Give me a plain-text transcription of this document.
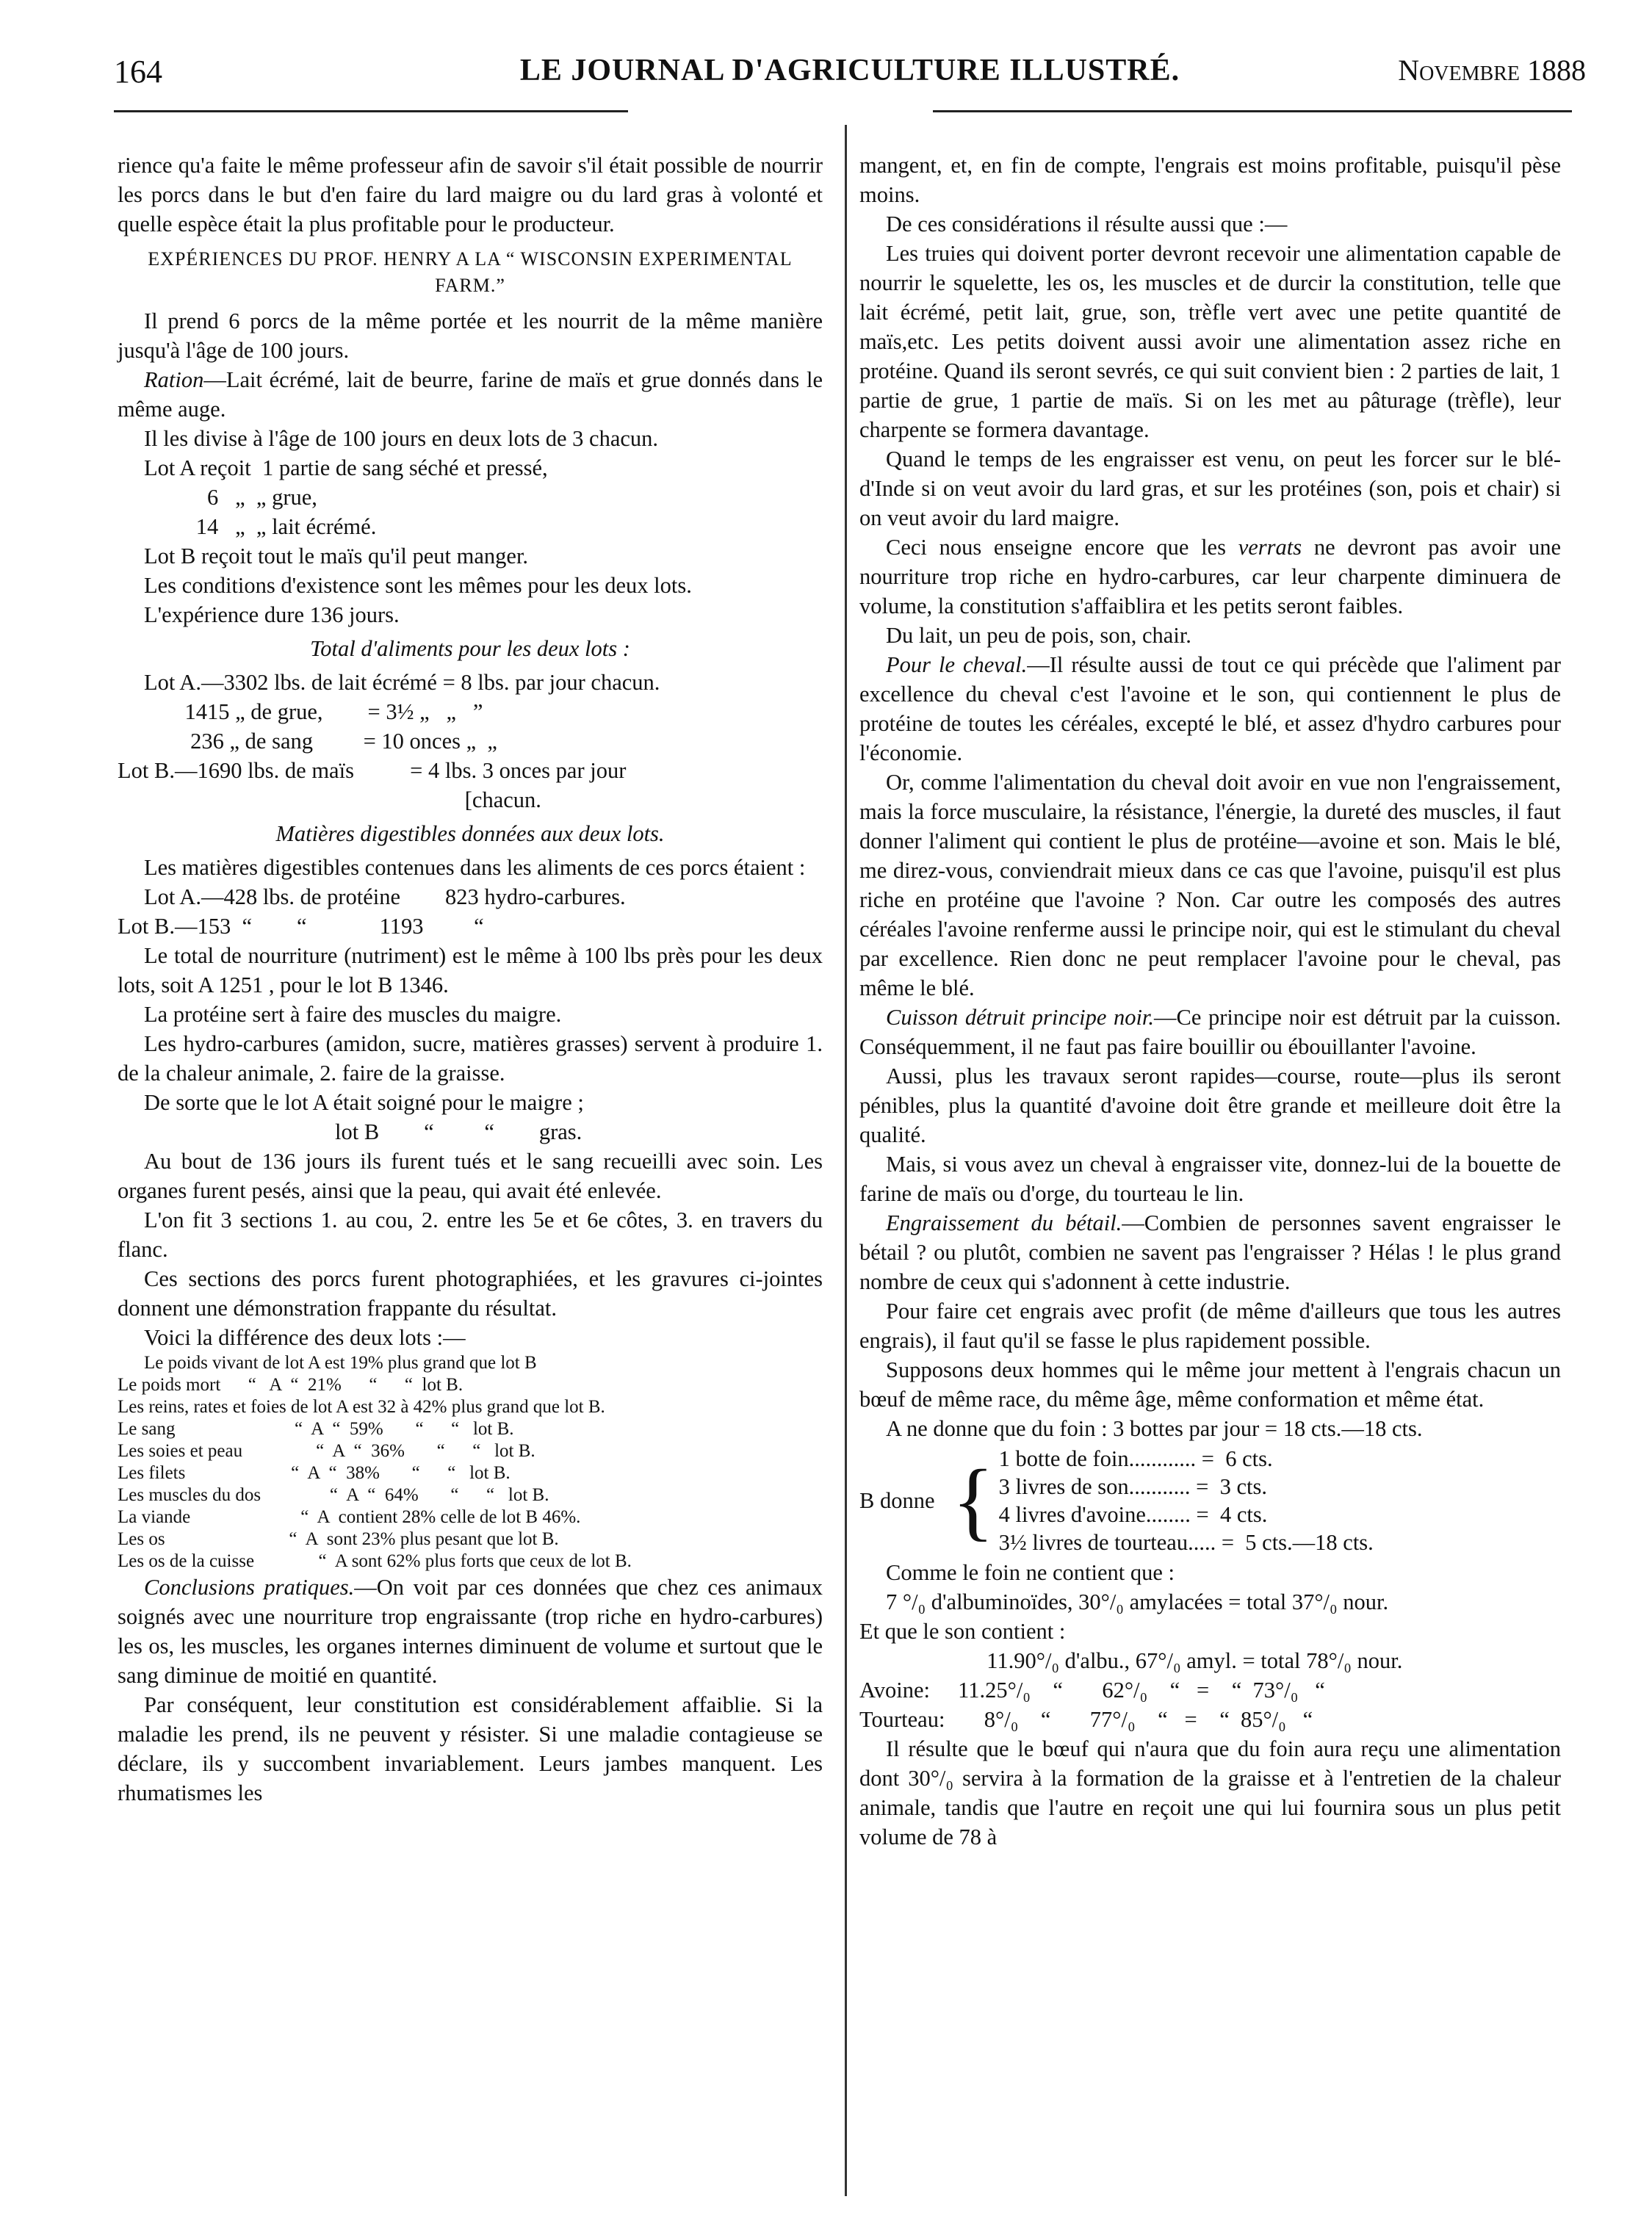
164	LE JOURNAL D'AGRICULTURE ILLUSTRÉ.	Novembre 1888

rience qu'a faite le même professeur afin de savoir s'il était possible de nourrir les porcs dans le but d'en faire du lard maigre ou du lard gras à volonté et quelle espèce était la plus profitable pour le producteur.

EXPÉRIENCES DU PROF. HENRY A LA “ WISCONSIN EXPERIMENTAL FARM.”

Il prend 6 porcs de la même portée et les nourrit de la même manière jusqu'à l'âge de 100 jours.

Ration—Lait écrémé, lait de beurre, farine de maïs et grue donnés dans le même auge.

Il les divise à l'âge de 100 jours en deux lots de 3 chacun.

Lot A reçoit  1 partie de sang séché et pressé,
6   „  „ grue,
14   „  „ lait écrémé.

Lot B reçoit tout le maïs qu'il peut manger.

Les conditions d'existence sont les mêmes pour les deux lots.

L'expérience dure 136 jours.

Total d'aliments pour les deux lots :

Lot A.—3302 lbs. de lait écrémé = 8 lbs. par jour chacun.
1415 „ de grue,        = 3½ „   „   ”
236 „ de sang         = 10 onces „  „
Lot B.—1690 lbs. de maïs          = 4 lbs. 3 onces par jour
[chacun.

Matières digestibles données aux deux lots.

Les matières digestibles contenues dans les aliments de ces porcs étaient :

Lot A.—428 lbs. de protéine        823 hydro-carbures.
Lot B.—153  “        “             1193         “

Le total de nourriture (nutriment) est le même à 100 lbs près pour les deux lots, soit A 1251 , pour le lot B 1346.

La protéine sert à faire des muscles du maigre.

Les hydro-carbures (amidon, sucre, matières grasses) servent à produire 1. de la chaleur animale, 2. faire de la graisse.

De sorte que le lot A était soigné pour le maigre ;

lot B        “         “        gras.

Au bout de 136 jours ils furent tués et le sang recueilli avec soin. Les organes furent pesés, ainsi que la peau, qui avait été enlevée.

L'on fit 3 sections 1. au cou, 2. entre les 5e et 6e côtes, 3. en travers du flanc.

Ces sections des porcs furent photographiées, et les gravures ci-jointes donnent une démonstration frappante du résultat.

Voici la différence des deux lots :—

Le poids vivant de lot A est 19% plus grand que lot B
Le poids mort      “   A  “  21%      “      “  lot B.
Les reins, rates et foies de lot A est 32 à 42% plus grand que lot B.
Le sang                          “  A  “  59%       “      “   lot B.
Les soies et peau                “  A  “  36%       “      “   lot B.
Les filets                       “  A  “  38%       “      “   lot B.
Les muscles du dos               “  A  “  64%       “      “   lot B.
La viande                        “  A  contient 28% celle de lot B 46%.
Les os                           “  A  sont 23% plus pesant que lot B.
Les os de la cuisse              “  A sont 62% plus forts que ceux de lot B.

Conclusions pratiques.—On voit par ces données que chez ces animaux soignés avec une nourriture trop engraissante (trop riche en hydro-carbures) les os, les muscles, les organes internes diminuent de volume et surtout que le sang diminue de moitié en quantité.

Par conséquent, leur constitution est considérablement affaiblie. Si la maladie les prend, ils ne peuvent y résister. Si une maladie contagieuse se déclare, ils y succombent invariablement. Leurs jambes manquent. Les rhumatismes les

mangent, et, en fin de compte, l'engrais est moins profitable, puisqu'il pèse moins.

De ces considérations il résulte aussi que :—

Les truies qui doivent porter devront recevoir une alimentation capable de nourrir le squelette, les os, les muscles et de durcir la constitution, telle que lait écrémé, petit lait, grue, son, trèfle vert avec une petite quantité de maïs,etc. Les petits doivent aussi avoir une alimentation assez riche en protéine. Quand ils seront sevrés, ce qui suit convient bien : 2 parties de lait, 1 partie de grue, 1 partie de maïs. Si on les met au pâturage (trèfle), leur charpente se formera davantage.

Quand le temps de les engraisser est venu, on peut les forcer sur le blé-d'Inde si on veut avoir du lard gras, et sur les protéines (son, pois et chair) si on veut avoir du lard maigre.

Ceci nous enseigne encore que les verrats ne devront pas avoir une nourriture trop riche en hydro-carbures, car leur charpente diminuera de volume, la constitution s'affaiblira et les petits seront faibles.

Du lait, un peu de pois, son, chair.

Pour le cheval.—Il résulte aussi de tout ce qui précède que l'aliment par excellence du cheval c'est l'avoine et le son, qui contiennent le plus de protéine de toutes les céréales, excepté le blé, et assez d'hydro carbures pour l'économie.

Or, comme l'alimentation du cheval doit avoir en vue non l'engraissement, mais la force musculaire, la résistance, l'énergie, la dureté des muscles, il faut donner l'aliment qui contient le plus de protéine—avoine et son. Mais le blé, me direz-vous, conviendrait mieux dans ce cas que l'avoine, puisqu'il est plus riche en protéine que l'avoine ? Non. Car outre les composés des autres céréales l'avoine renferme aussi le principe noir, qui est le stimulant du cheval par excellence. Rien donc ne peut remplacer l'avoine pour le cheval, pas même le blé.

Cuisson détruit principe noir.—Ce principe noir est détruit par la cuisson. Conséquemment, il ne faut pas faire bouillir ou ébouillanter l'avoine.

Aussi, plus les travaux seront rapides—course, route—plus ils seront pénibles, plus la quantité d'avoine doit être grande et meilleure doit être la qualité.

Mais, si vous avez un cheval à engraisser vite, donnez-lui de la bouette de farine de maïs ou d'orge, du tourteau le lin.

Engraissement du bétail.—Combien de personnes savent engraisser le bétail ? ou plutôt, combien ne savent pas l'engraisser ? Hélas ! le plus grand nombre de ceux qui s'adonnent à cette industrie.

Pour faire cet engrais avec profit (de même d'ailleurs que tous les autres engrais), il faut qu'il se fasse le plus rapidement possible.

Supposons deux hommes qui le même jour mettent à l'engrais chacun un bœuf de même race, du même âge, même conformation et même état.

A ne donne que du foin : 3 bottes par jour = 18 cts.—18 cts.

B donne { 1 botte de foin............ =  6 cts.
3 livres de son........... =  3 cts.
4 livres d'avoine........ =  4 cts.
3½ livres de tourteau..... =  5 cts.—18 cts.

Comme le foin ne contient que :

7 °/₀ d'albuminoïdes, 30°/₀ amylacées = total 37°/₀ nour.

Et que le son contient :

11.90°/₀ d'albu., 67°/₀ amyl. = total 78°/₀ nour.
Avoine:     11.25°/₀    “       62°/₀    “   =    “  73°/₀   “
Tourteau:       8°/₀    “       77°/₀    “   =    “  85°/₀   “

Il résulte que le bœuf qui n'aura que du foin aura reçu une alimentation dont 30°/₀ servira à la formation de la graisse et à l'entretien de la chaleur animale, tandis que l'autre en reçoit une qui lui fournira sous un plus petit volume de 78 à
